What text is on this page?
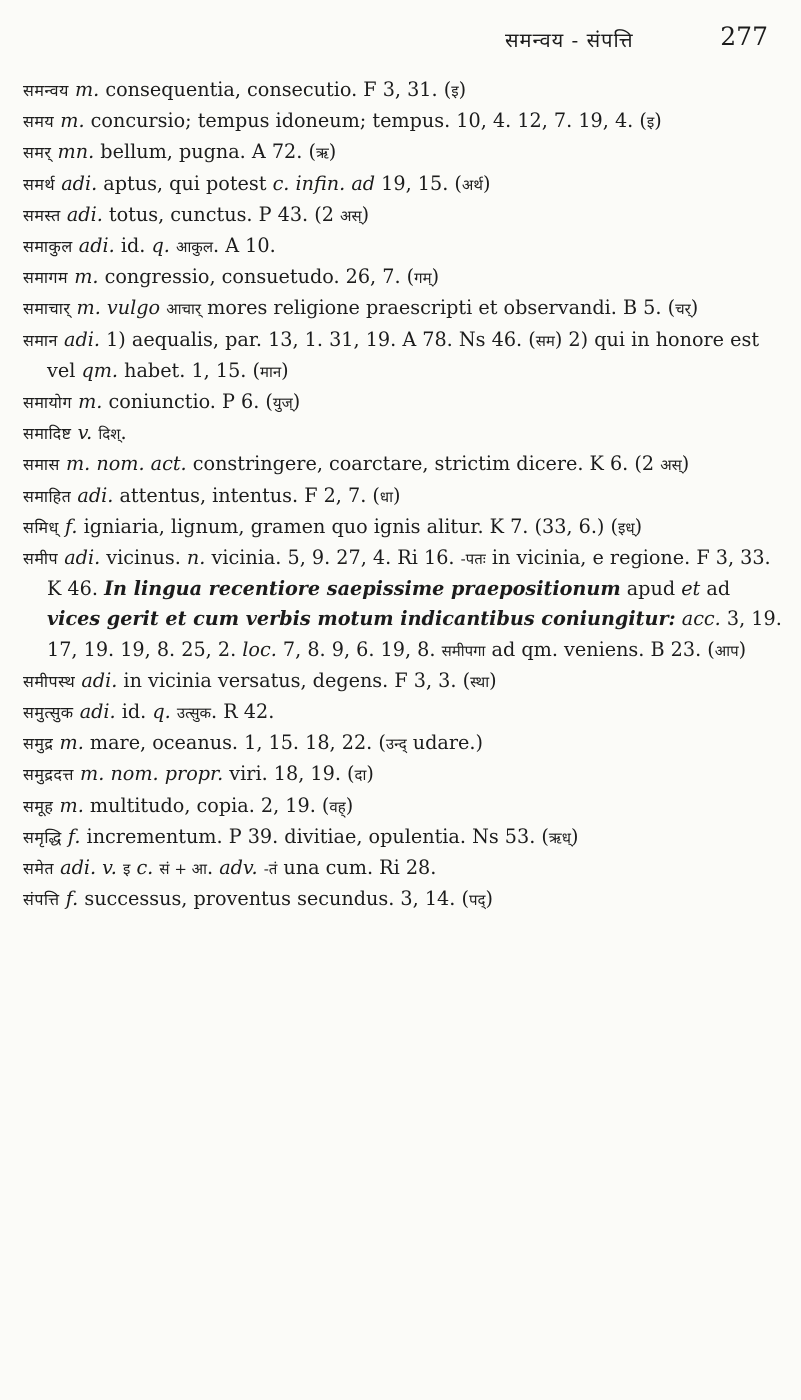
समन्वय - संपत्ति	277

समन्वय m. consequentia, consecutio. F 3, 31. (इ)

समय m. concursio; tempus idoneum; tempus. 10, 4. 12, 7. 19, 4. (इ)

समर् mn. bellum, pugna. A 72. (ऋ)

समर्थ adi. aptus, qui potest c. infin. ad 19, 15. (अर्थ)

समस्त adi. totus, cunctus. P 43. (2 अस्)

समाकुल adi. id. q. आकुल. A 10.

समागम m. congressio, consuetudo. 26, 7. (गम्)

समाचार् m. vulgo आचार् mores religione praescripti et observandi. B 5. (चर्)

समान adi. 1) aequalis, par. 13, 1. 31, 19. A 78. Ns 46. (सम) 2) qui in honore est vel qm. habet. 1, 15. (मान)

समायोग m. coniunctio. P 6. (युज्)

समादिष्ट v. दिश्.

समास m. nom. act. constringere, coarctare, strictim dicere. K 6. (2 अस्)

समाहित adi. attentus, intentus. F 2, 7. (धा)

समिध् f. igniaria, lignum, gramen quo ignis alitur. K 7. (33, 6.) (इध्)

समीप adi. vicinus. n. vicinia. 5, 9. 27, 4. Ri 16. -पतः in vicinia, e regione. F 3, 33. K 46. In lingua recentiore saepissime praepositionum apud et ad vices gerit et cum verbis motum indicantibus coniungitur: acc. 3, 19. 17, 19. 19, 8. 25, 2. loc. 7, 8. 9, 6. 19, 8. समीपगा ad qm. veniens. B 23. (आप)

समीपस्थ adi. in vicinia versatus, degens. F 3, 3. (स्था)

समुत्सुक adi. id. q. उत्सुक. R 42.

समुद्र m. mare, oceanus. 1, 15. 18, 22. (उन्द् udare.)

समुद्रदत्त m. nom. propr. viri. 18, 19. (दा)

समूह m. multitudo, copia. 2, 19. (वह्)

समृद्धि f. incrementum. P 39. divitiae, opulentia. Ns 53. (ऋध्)

समेत adi. v. इ c. सं + आ. adv. -तं una cum. Ri 28.

संपत्ति f. successus, proventus secundus. 3, 14. (पद्)
